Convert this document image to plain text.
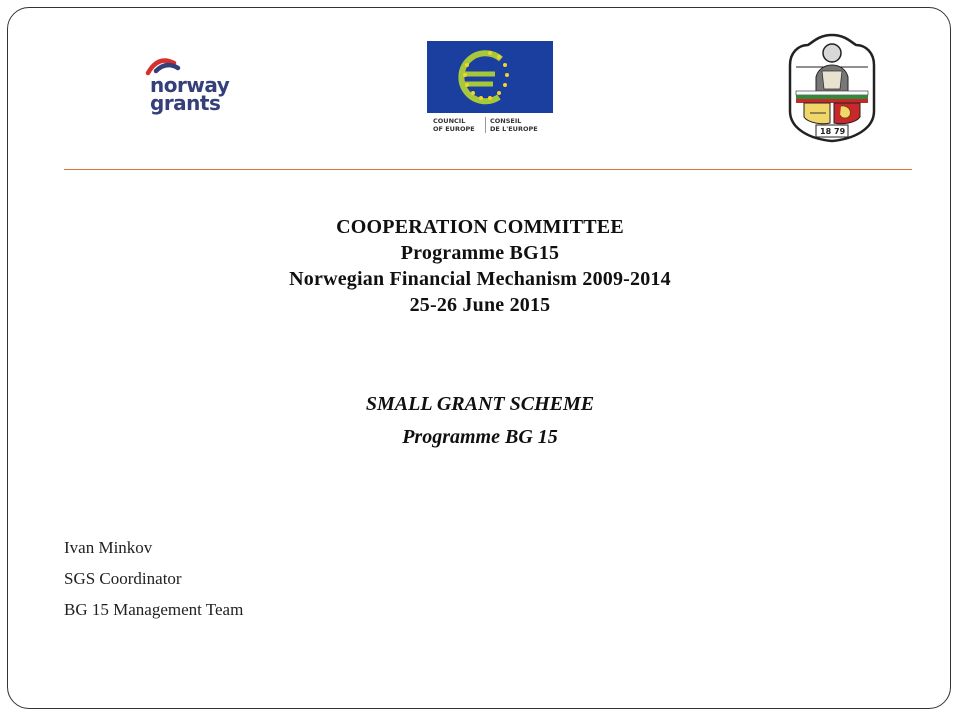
norway
grants
COUNCIL
OF EUROPECONSEIL
DE L'EUROPE	18 79
COOPERATION COMMITTEE
Programme BG15
Norwegian Financial Mechanism 2009-2014
25-26 June 2015
SMALL GRANT SCHEME
Programme BG 15
Ivan Minkov
SGS Coordinator
BG 15 Management Team
